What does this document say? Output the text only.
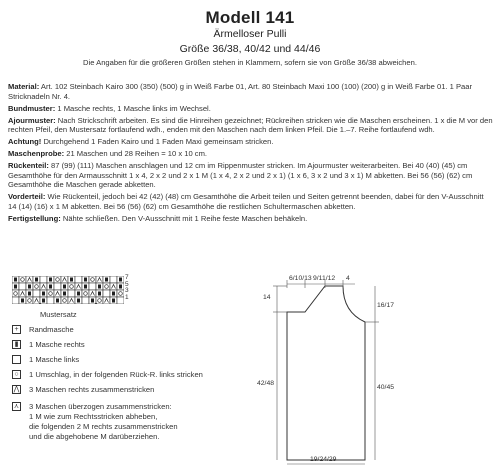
Modell 141
Ärmelloser Pulli
Größe 36/38, 40/42 und 44/46
Die Angaben für die größeren Größen stehen in Klammern, sofern sie von Größe 36/38 abweichen.

Material: Art. 102 Steinbach Kairo 300 (350) (500) g in Weiß Farbe 01, Art. 80 Steinbach Maxi 100 (100) (200) g in Weiß Farbe 01. 1 Paar Stricknadeln Nr. 4.

Bundmuster: 1 Masche rechts, 1 Masche links im Wechsel.

Ajourmuster: Nach Strickschrift arbeiten. Es sind die Hinreihen gezeichnet; Rückreihen stricken wie die Maschen erscheinen. 1 x die M vor den rechten Pfeil, den Mustersatz fortlaufend wdh., enden mit den Maschen nach dem linken Pfeil. Die 1.–7. Reihe fortlaufend wdh.

Achtung! Durchgehend 1 Faden Kairo und 1 Faden Maxi gemeinsam stricken.

Maschenprobe: 21 Maschen und 28 Reihen = 10 x 10 cm.

Rückenteil: 87 (99) (111) Maschen anschlagen und 12 cm im Rippenmuster stricken. Im Ajourmuster weiterarbeiten. Bei 40 (40) (45) cm Gesamthöhe für den Armausschnitt 1 x 4, 2 x 2 und 2 x 1 M (1 x 4, 2 x 2 und 2 x 1) (1 x 6, 3 x 2 und 3 x 1) M abketten. Bei 56 (56) (62) cm Gesamthöhe die Maschen gerade abketten.

Vorderteil: Wie Rückenteil, jedoch bei 42 (42) (48) cm Gesamthöhe die Arbeit teilen und Seiten getrennt beenden, dabei für den V-Ausschnitt 14 (14) (16) x 1 M abketten. Bei 56 (56) (62) cm Gesamthöhe die restlichen Schultermaschen abketten.

Fertigstellung: Nähte schließen. Den V-Ausschnitt mit 1 Reihe feste Maschen behäkeln.

7
5
3
1
Mustersatz
+	Randmasche
▮	1 Masche rechts
1 Masche links
○	1 Umschlag, in der folgenden Rück-R. links stricken
⋀ 3 Maschen rechts zusammenstricken
⋏ 3 Maschen überzogen zusammenstricken:
1 M wie zum Rechtsstricken abheben,
die folgenden 2 M rechts zusammenstricken
und die abgehobene M darüberziehen.
6/10/13 9/11/12 4
14
16/17
42/48
40/45
19/24/29
